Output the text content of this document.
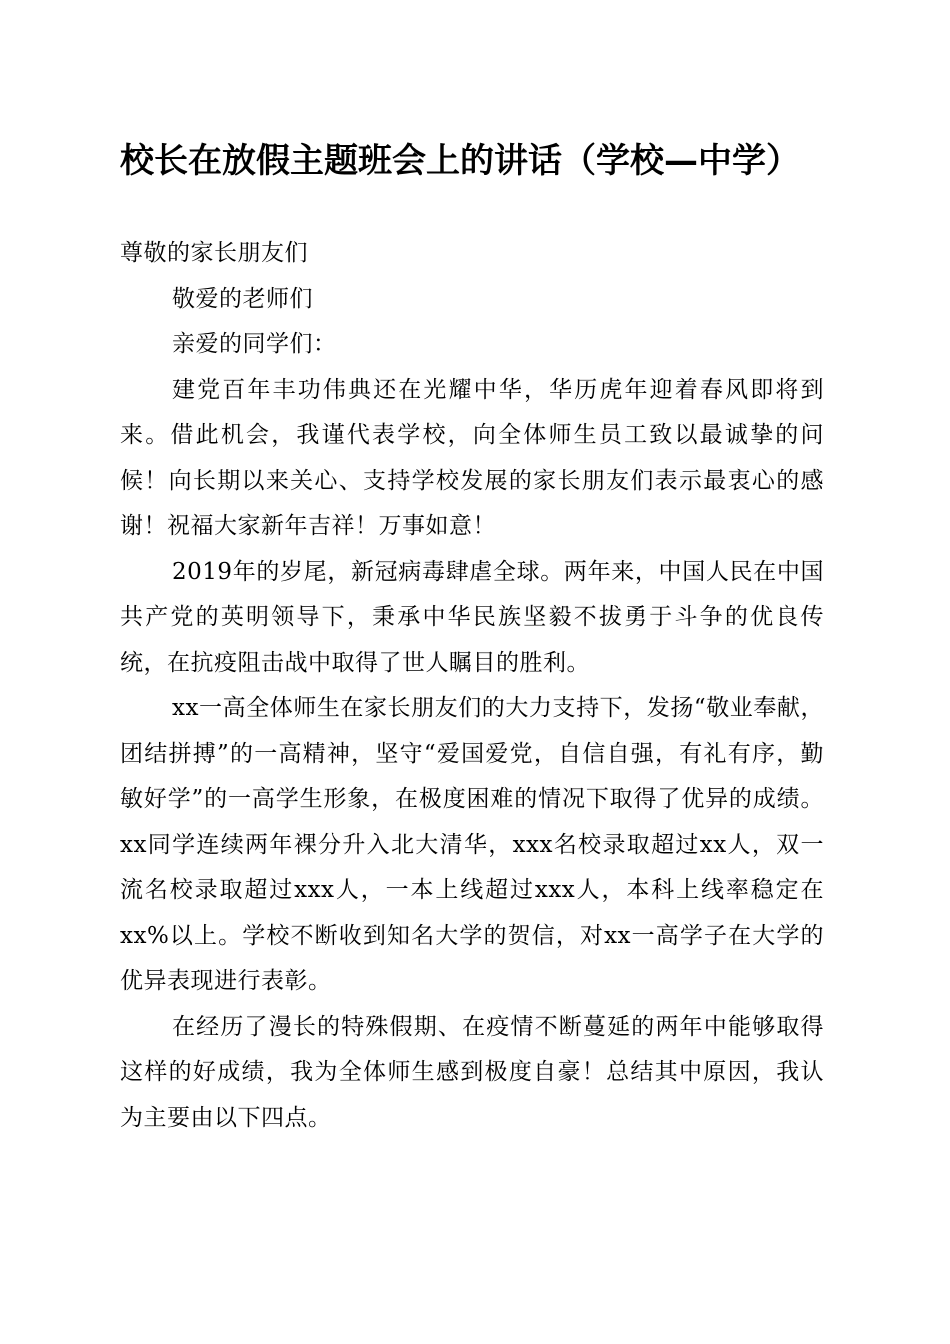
校长在放假主题班会上的讲话（学校—中学）

尊敬的家长朋友们

敬爱的老师们

亲爱的同学们：

建党百年丰功伟典还在光耀中华，华历虎年迎着春风即将到来。借此机会，我谨代表学校，向全体师生员工致以最诚挚的问候！向长期以来关心、支持学校发展的家长朋友们表示最衷心的感谢！祝福大家新年吉祥！万事如意！

2019年的岁尾，新冠病毒肆虐全球。两年来，中国人民在中国共产党的英明领导下，秉承中华民族坚毅不拔勇于斗争的优良传统，在抗疫阻击战中取得了世人瞩目的胜利。

xx一高全体师生在家长朋友们的大力支持下，发扬“敬业奉献，团结拼搏”的一高精神，坚守“爱国爱党，自信自强，有礼有序，勤敏好学”的一高学生形象，在极度困难的情况下取得了优异的成绩。xx同学连续两年裸分升入北大清华，xxx名校录取超过xx人，双一流名校录取超过xxx人，一本上线超过xxx人，本科上线率稳定在xx%以上。学校不断收到知名大学的贺信，对xx一高学子在大学的优异表现进行表彰。

在经历了漫长的特殊假期、在疫情不断蔓延的两年中能够取得这样的好成绩，我为全体师生感到极度自豪！总结其中原因，我认为主要由以下四点。
